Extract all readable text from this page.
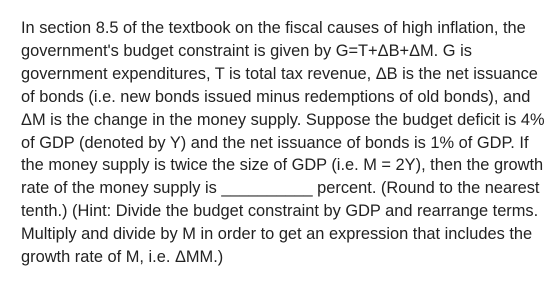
In section 8.5 of the textbook on the fiscal causes of high inflation, the government's budget constraint is given by G=T+ΔB+ΔM. G is government expenditures, T is total tax revenue, ΔB is the net issuance of bonds (i.e. new bonds issued minus redemptions of old bonds), and ΔM is the change in the money supply. Suppose the budget deficit is 4% of GDP (denoted by Y) and the net issuance of bonds is 1% of GDP. If the money supply is twice the size of GDP (i.e. M = 2Y), then the growth rate of the money supply is __________ percent. (Round to the nearest tenth.) (Hint: Divide the budget constraint by GDP and rearrange terms. Multiply and divide by M in order to get an expression that includes the growth rate of M, i.e. ΔMM.)
